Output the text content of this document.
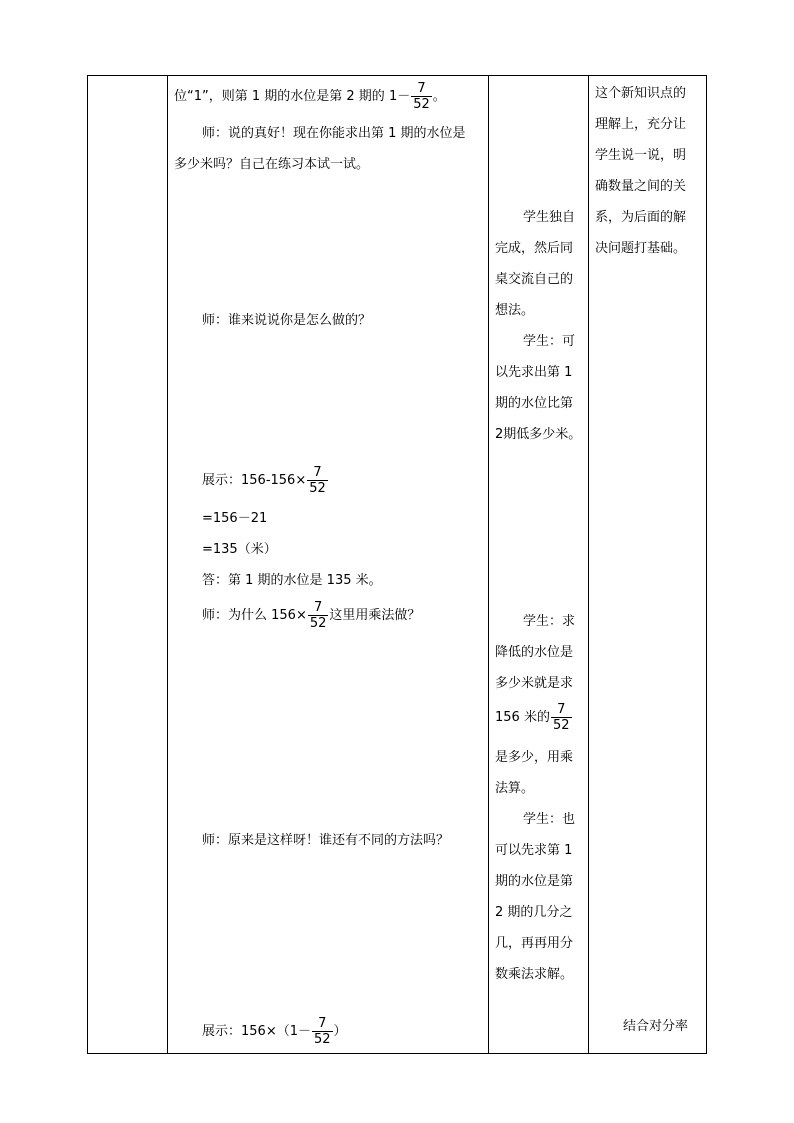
位“1”，则第 1 期的水位是第 2 期的 $1- \frac{7}{52}$ 。
师：说的真好！现在你能求出第 1 期的水位是
多少米吗？自己在练习本试一试。
师：谁来说说你是怎么做的？
展示：$156-156\times \frac{7}{52}$
=156－21
=135（米）
答：第 1 期的水位是 135 米。
师：为什么 $156\times \frac{7}{52}$ 这里用乘法做？
师：原来是这样呀！谁还有不同的方法吗？
展示：$156\times(1- \frac{7}{52}$ ）
学生独自
完成，然后同
桌交流自己的
想法。
学生：可
以先求出第 1
期的水位比第
2期低多少米。
学生：求
降低的水位是
多少米就是求
156 米的 $\frac{7}{52}$
是多少，用乘
法算。
学生：也
可以先求第 1
期的水位是第
2 期的几分之
几，再再用分
数乘法求解。
这个新知识点的
理解上，充分让
学生说一说，明
确数量之间的关
系，为后面的解
决问题打基础。
结合对分率
